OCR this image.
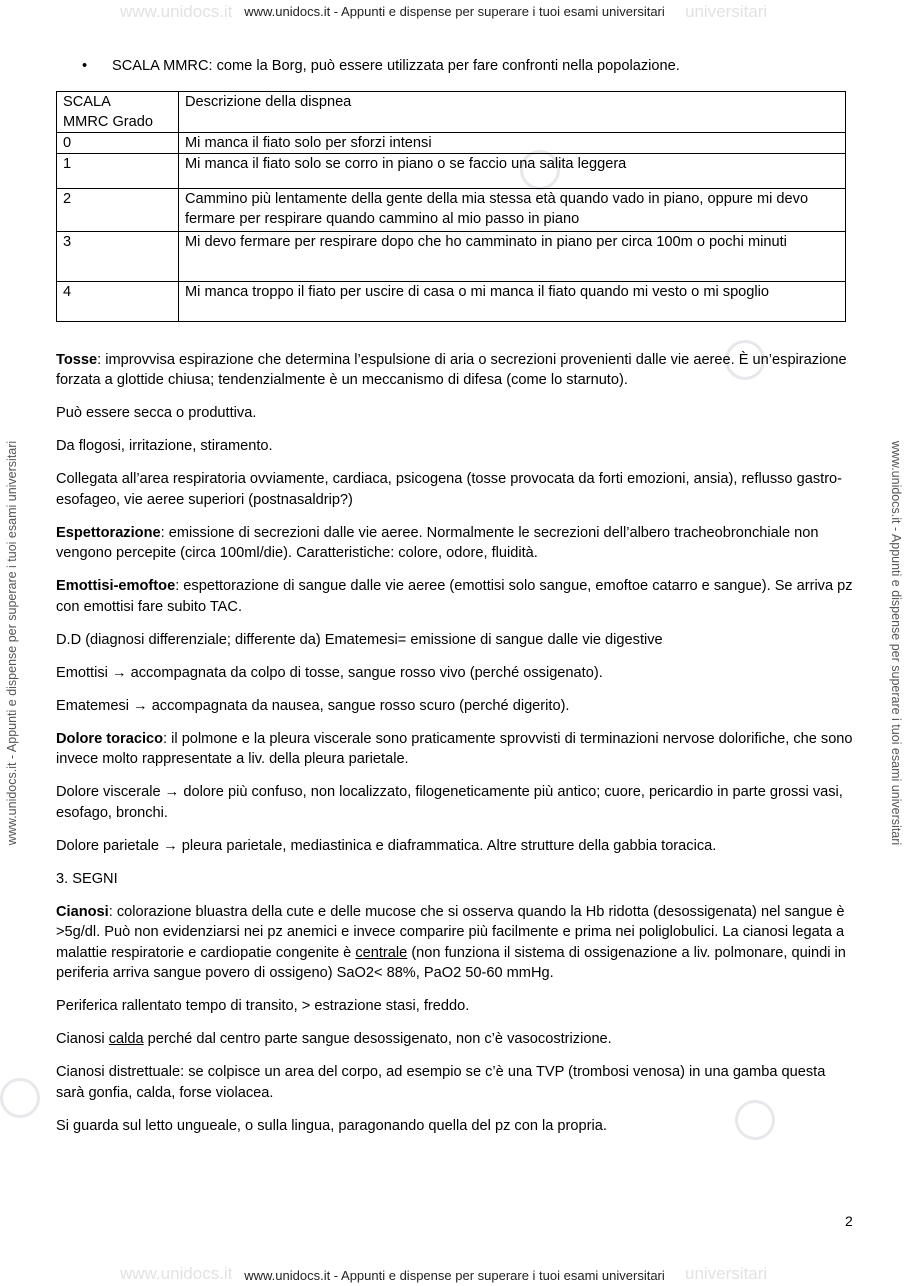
www.unidocs.it	universitari
www.unidocs.it	universitari
www.unidocs.it - Appunti e dispense per superare i tuoi esami universitari
www.unidocs.it - Appunti e dispense per superare i tuoi esami universitari	www.unidocs.it - Appunti e dispense per superare i tuoi esami universitari
•	SCALA MMRC: come la Borg, può essere utilizzata per fare confronti nella popolazione.
SCALA
MMRC Grado	Descrizione della dispnea
0	Mi manca il fiato solo per sforzi intensi
1	Mi manca il fiato solo se corro in piano o se faccio una salita leggera
2	Cammino più lentamente della gente della mia stessa età quando vado in piano, oppure mi devo fermare per respirare quando cammino al mio passo in piano
3	Mi devo fermare per respirare dopo che ho camminato in piano per circa 100m o pochi minuti
4	Mi manca troppo il fiato per uscire di casa o mi manca il fiato quando mi vesto o mi spoglio

Tosse: improvvisa espirazione che determina l’espulsione di aria o secrezioni provenienti dalle vie aeree. È un’espirazione forzata a glottide chiusa; tendenzialmente è un meccanismo di difesa (come lo starnuto).

Può essere secca o produttiva.

Da flogosi, irritazione, stiramento.

Collegata all’area respiratoria ovviamente, cardiaca, psicogena (tosse provocata da forti emozioni, ansia), reflusso gastro-esofageo, vie aeree superiori (postnasaldrip?)

Espettorazione: emissione di secrezioni dalle vie aeree. Normalmente le secrezioni dell’albero tracheobronchiale non vengono percepite (circa 100ml/die). Caratteristiche: colore, odore, fluidità.

Emottisi-emoftoe: espettorazione di sangue dalle vie aeree (emottisi solo sangue, emoftoe catarro e sangue). Se arriva pz con emottisi fare subito TAC.

D.D (diagnosi differenziale; differente da) Ematemesi= emissione di sangue dalle vie digestive

Emottisi → accompagnata da colpo di tosse, sangue rosso vivo (perché ossigenato).

Ematemesi → accompagnata da nausea, sangue rosso scuro (perché digerito).

Dolore toracico: il polmone e la pleura viscerale sono praticamente sprovvisti di terminazioni nervose dolorifiche, che sono invece molto rappresentate a liv. della pleura parietale.

Dolore viscerale → dolore più confuso, non localizzato, filogeneticamente più antico; cuore, pericardio in parte grossi vasi, esofago, bronchi.

Dolore parietale → pleura parietale, mediastinica e diaframmatica. Altre strutture della gabbia toracica.

3. SEGNI

Cianosi: colorazione bluastra della cute e delle mucose che si osserva quando la Hb ridotta (desossigenata) nel sangue è >5g/dl. Può non evidenziarsi nei pz anemici e invece comparire più facilmente e prima nei poliglobulici. La cianosi legata a malattie respiratorie e cardiopatie congenite è centrale (non funziona il sistema di ossigenazione a liv. polmonare, quindi in periferia arriva sangue povero di ossigeno) SaO2< 88%, PaO2 50-60 mmHg.

Periferica rallentato tempo di transito, > estrazione stasi, freddo.

Cianosi calda perché dal centro parte sangue desossigenato, non c’è vasocostrizione.

Cianosi distrettuale: se colpisce un area del corpo, ad esempio se c’è una TVP (trombosi venosa) in una gamba questa sarà gonfia, calda, forse violacea.

Si guarda sul letto ungueale, o sulla lingua, paragonando quella del pz con la propria.

2
www.unidocs.it - Appunti e dispense per superare i tuoi esami universitari
